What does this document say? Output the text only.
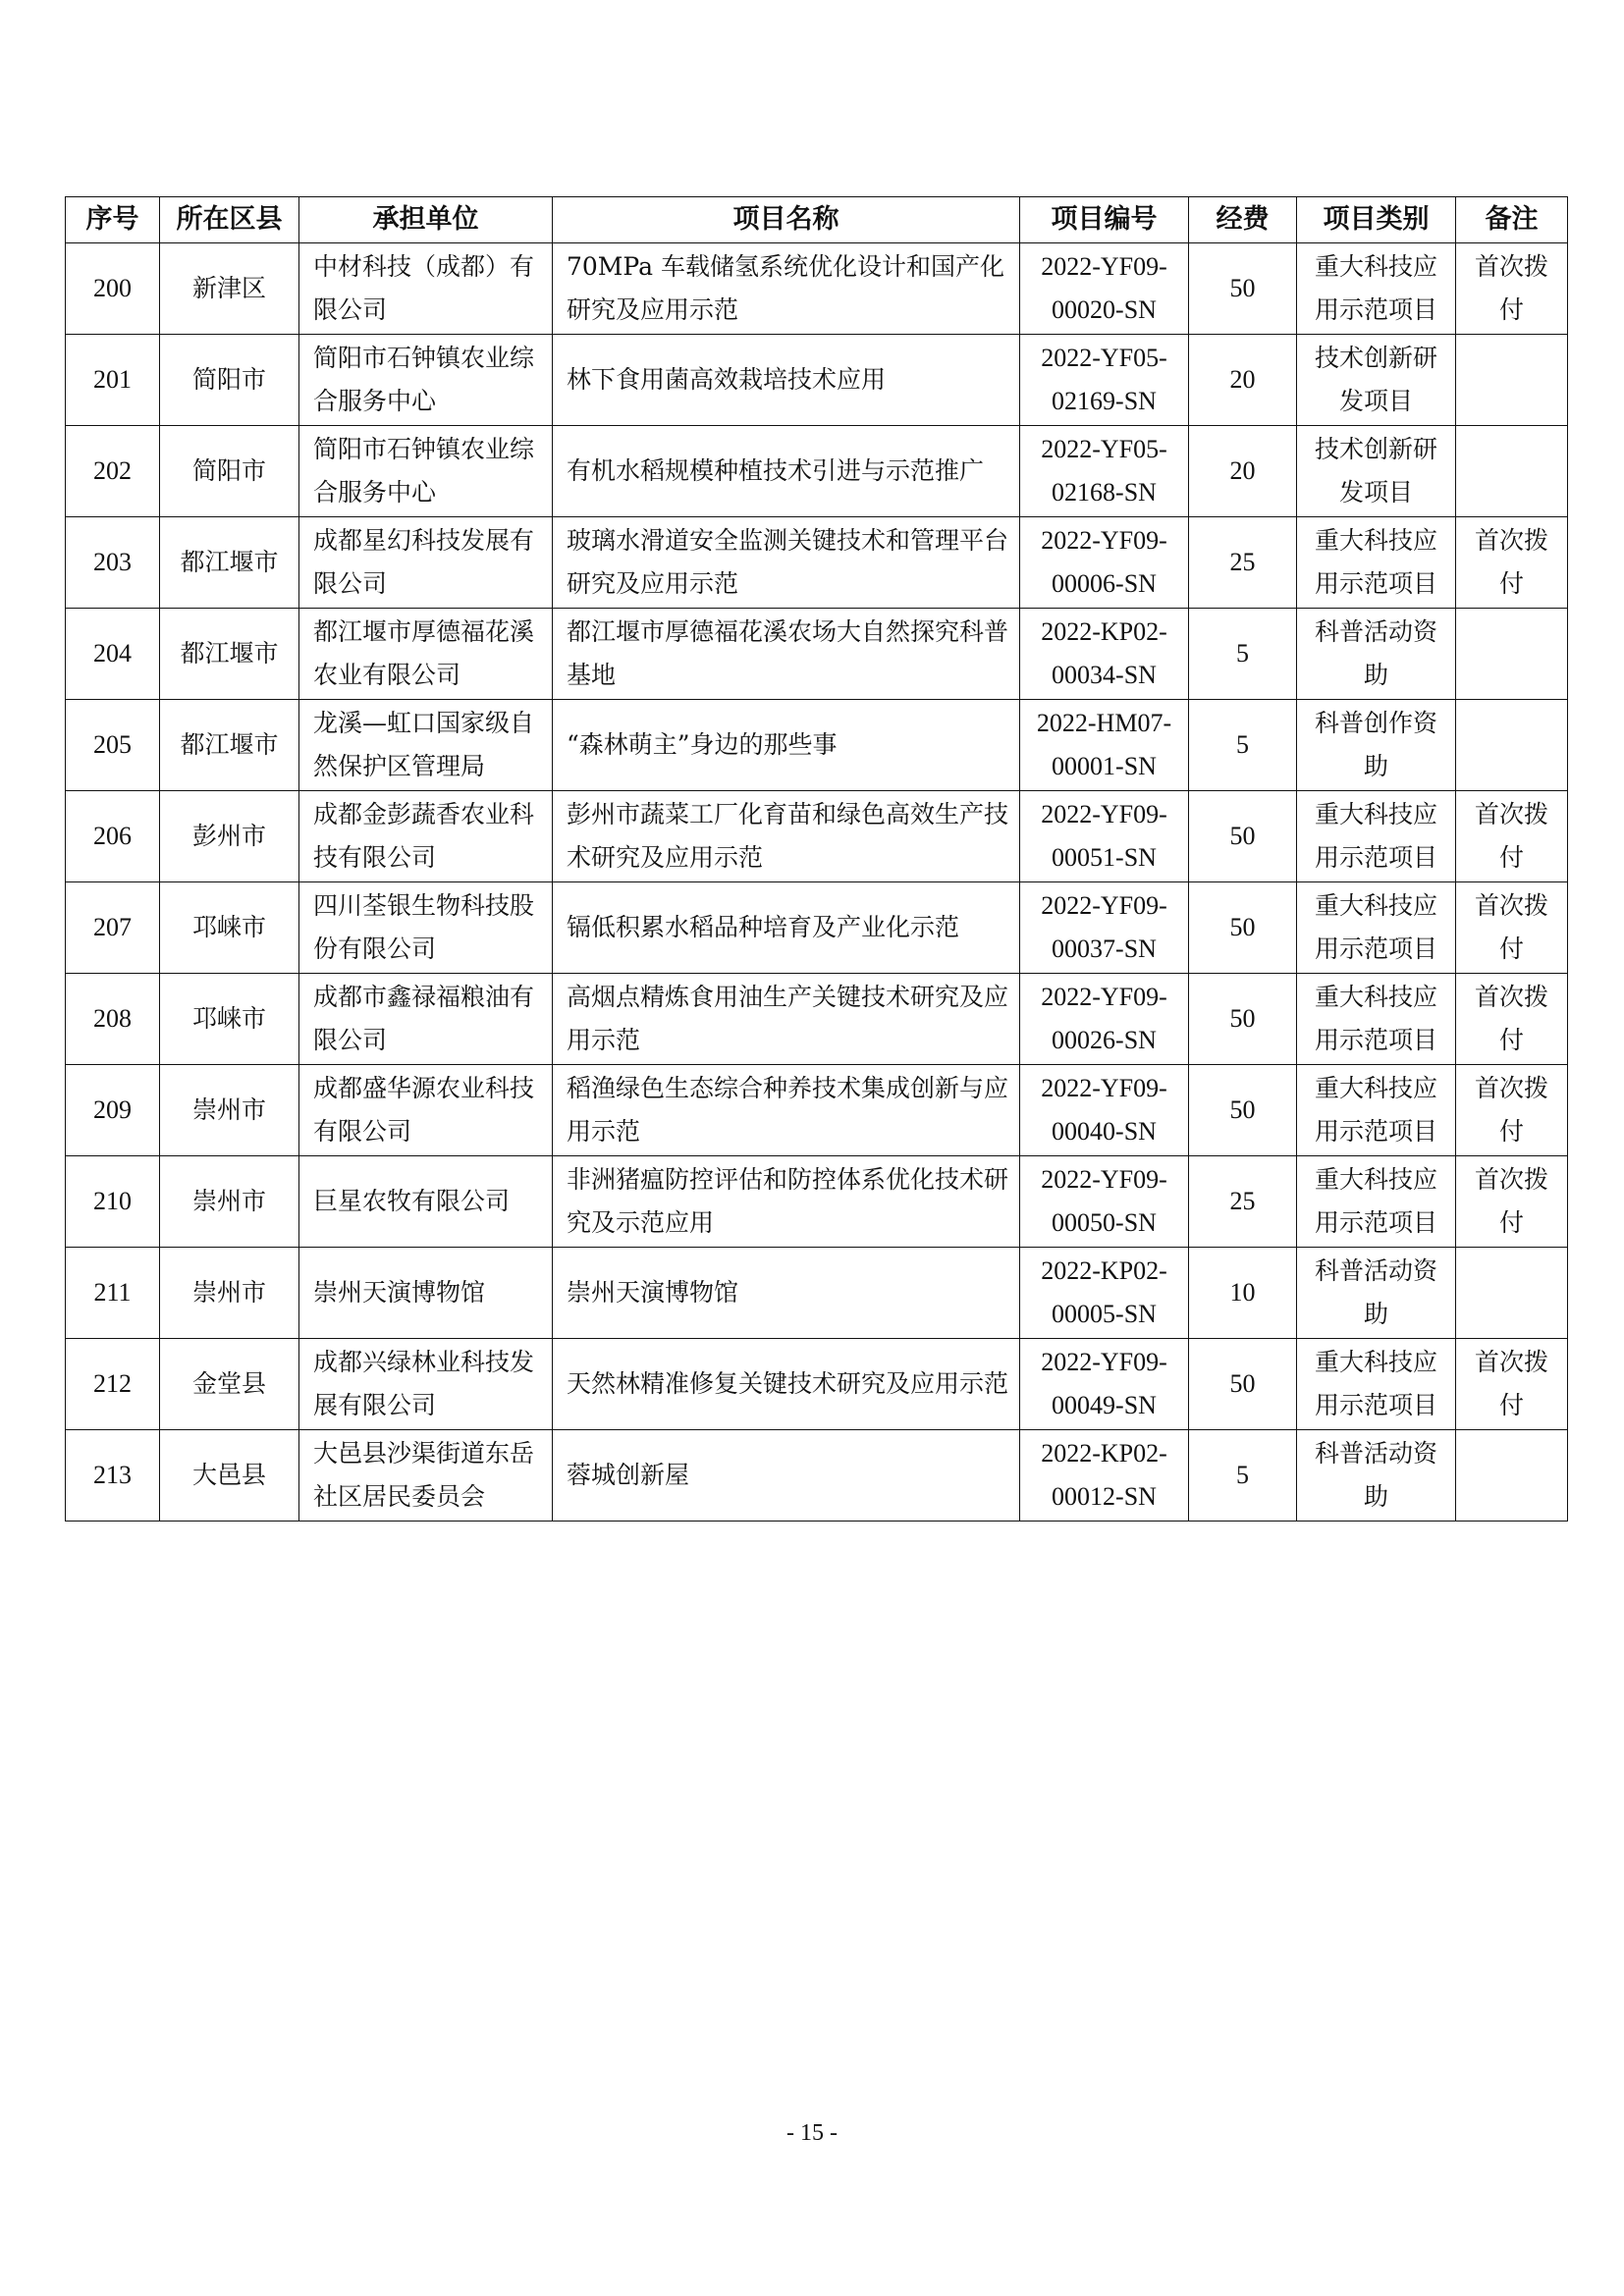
序号	所在区县	承担单位	项目名称	项目编号	经费	项目类别	备注
200	新津区	中材科技（成都）有限公司	70MPa 车载储氢系统优化设计和国产化研究及应用示范	2022-YF09-00020-SN	50	重大科技应用示范项目	首次拨付
201	简阳市	简阳市石钟镇农业综合服务中心	林下食用菌高效栽培技术应用	2022-YF05-02169-SN	20	技术创新研发项目	
202	简阳市	简阳市石钟镇农业综合服务中心	有机水稻规模种植技术引进与示范推广	2022-YF05-02168-SN	20	技术创新研发项目	
203	都江堰市	成都星幻科技发展有限公司	玻璃水滑道安全监测关键技术和管理平台研究及应用示范	2022-YF09-00006-SN	25	重大科技应用示范项目	首次拨付
204	都江堰市	都江堰市厚德福花溪农业有限公司	都江堰市厚德福花溪农场大自然探究科普基地	2022-KP02-00034-SN	5	科普活动资助	
205	都江堰市	龙溪—虹口国家级自然保护区管理局	“森林萌主”身边的那些事	2022-HM07-00001-SN	5	科普创作资助	
206	彭州市	成都金彭蔬香农业科技有限公司	彭州市蔬菜工厂化育苗和绿色高效生产技术研究及应用示范	2022-YF09-00051-SN	50	重大科技应用示范项目	首次拨付
207	邛崃市	四川荃银生物科技股份有限公司	镉低积累水稻品种培育及产业化示范	2022-YF09-00037-SN	50	重大科技应用示范项目	首次拨付
208	邛崃市	成都市鑫禄福粮油有限公司	高烟点精炼食用油生产关键技术研究及应用示范	2022-YF09-00026-SN	50	重大科技应用示范项目	首次拨付
209	崇州市	成都盛华源农业科技有限公司	稻渔绿色生态综合种养技术集成创新与应用示范	2022-YF09-00040-SN	50	重大科技应用示范项目	首次拨付
210	崇州市	巨星农牧有限公司	非洲猪瘟防控评估和防控体系优化技术研究及示范应用	2022-YF09-00050-SN	25	重大科技应用示范项目	首次拨付
211	崇州市	崇州天演博物馆	崇州天演博物馆	2022-KP02-00005-SN	10	科普活动资助	
212	金堂县	成都兴绿林业科技发展有限公司	天然林精准修复关键技术研究及应用示范	2022-YF09-00049-SN	50	重大科技应用示范项目	首次拨付
213	大邑县	大邑县沙渠街道东岳社区居民委员会	蓉城创新屋	2022-KP02-00012-SN	5	科普活动资助	
- 15 -
